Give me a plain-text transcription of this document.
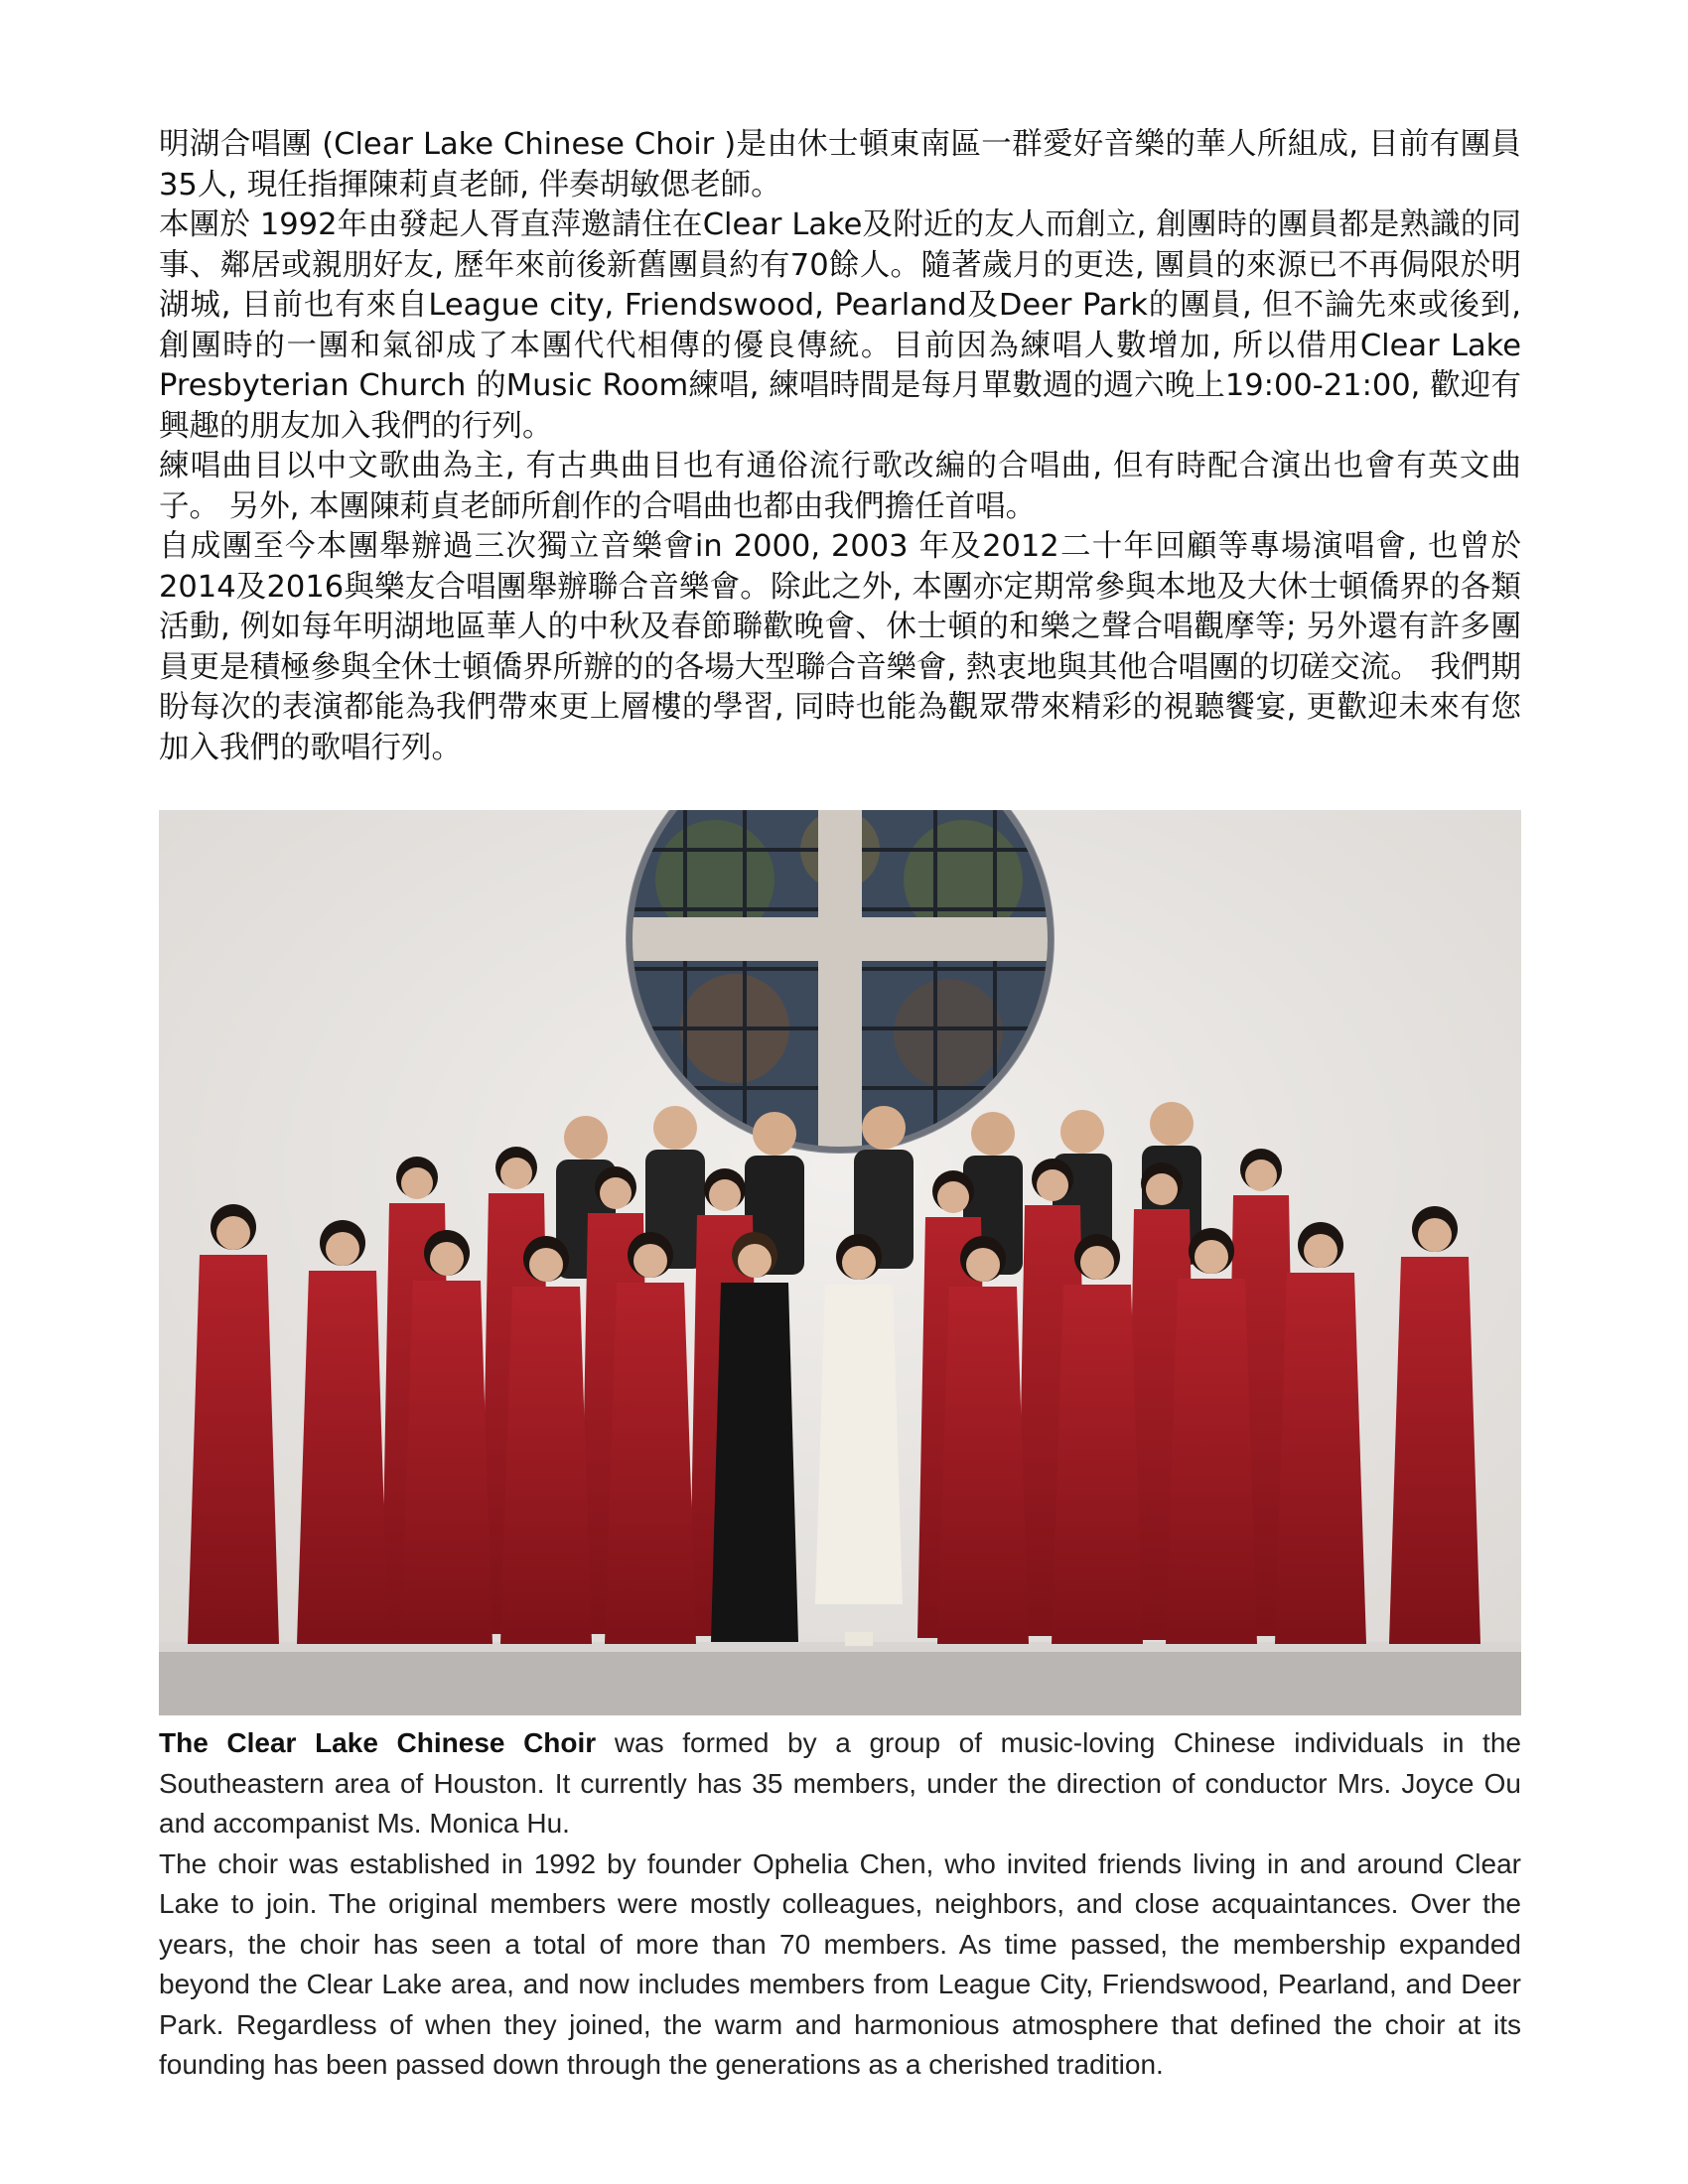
明湖合唱團 (Clear Lake Chinese Choir )是由休士頓東南區一群愛好音樂的華人所組成, 目前有團員35人, 現任指揮陳莉貞老師, 伴奏胡敏偲老師。

本團於 1992年由發起人胥直萍邀請住在Clear Lake及附近的友人而創立, 創團時的團員都是熟識的同事、鄰居或親朋好友, 歷年來前後新舊團員約有70餘人。隨著歲月的更迭, 團員的來源已不再侷限於明湖城, 目前也有來自League city, Friendswood, Pearland及Deer Park的團員, 但不論先來或後到, 創團時的一團和氣卻成了本團代代相傳的優良傳統。目前因為練唱人數增加, 所以借用Clear Lake Presbyterian Church 的Music Room練唱, 練唱時間是每月單數週的週六晚上19:00-21:00, 歡迎有興趣的朋友加入我們的行列。

練唱曲目以中文歌曲為主, 有古典曲目也有通俗流行歌改編的合唱曲, 但有時配合演出也會有英文曲子。 另外, 本團陳莉貞老師所創作的合唱曲也都由我們擔任首唱。

自成團至今本團舉辦過三次獨立音樂會in 2000, 2003 年及2012二十年回顧等專場演唱會, 也曾於2014及2016與樂友合唱團舉辦聯合音樂會。除此之外, 本團亦定期常參與本地及大休士頓僑界的各類活動, 例如每年明湖地區華人的中秋及春節聯歡晚會、休士頓的和樂之聲合唱觀摩等; 另外還有許多團員更是積極參與全休士頓僑界所辦的的各場大型聯合音樂會, 熱衷地與其他合唱團的切磋交流。 我們期盼每次的表演都能為我們帶來更上層樓的學習, 同時也能為觀眾帶來精彩的視聽饗宴, 更歡迎未來有您加入我們的歌唱行列。

The Clear Lake Chinese Choir was formed by a group of music-loving Chinese individuals in the Southeastern area of Houston. It currently has 35 members, under the direction of conductor Mrs. Joyce Ou and accompanist Ms. Monica Hu.

The choir was established in 1992 by founder Ophelia Chen, who invited friends living in and around Clear Lake to join. The original members were mostly colleagues, neighbors, and close acquaintances. Over the years, the choir has seen a total of more than 70 members. As time passed, the membership expanded beyond the Clear Lake area, and now includes members from League City, Friendswood, Pearland, and Deer Park. Regardless of when they joined, the warm and harmonious atmosphere that defined the choir at its founding has been passed down through the generations as a cherished tradition.
